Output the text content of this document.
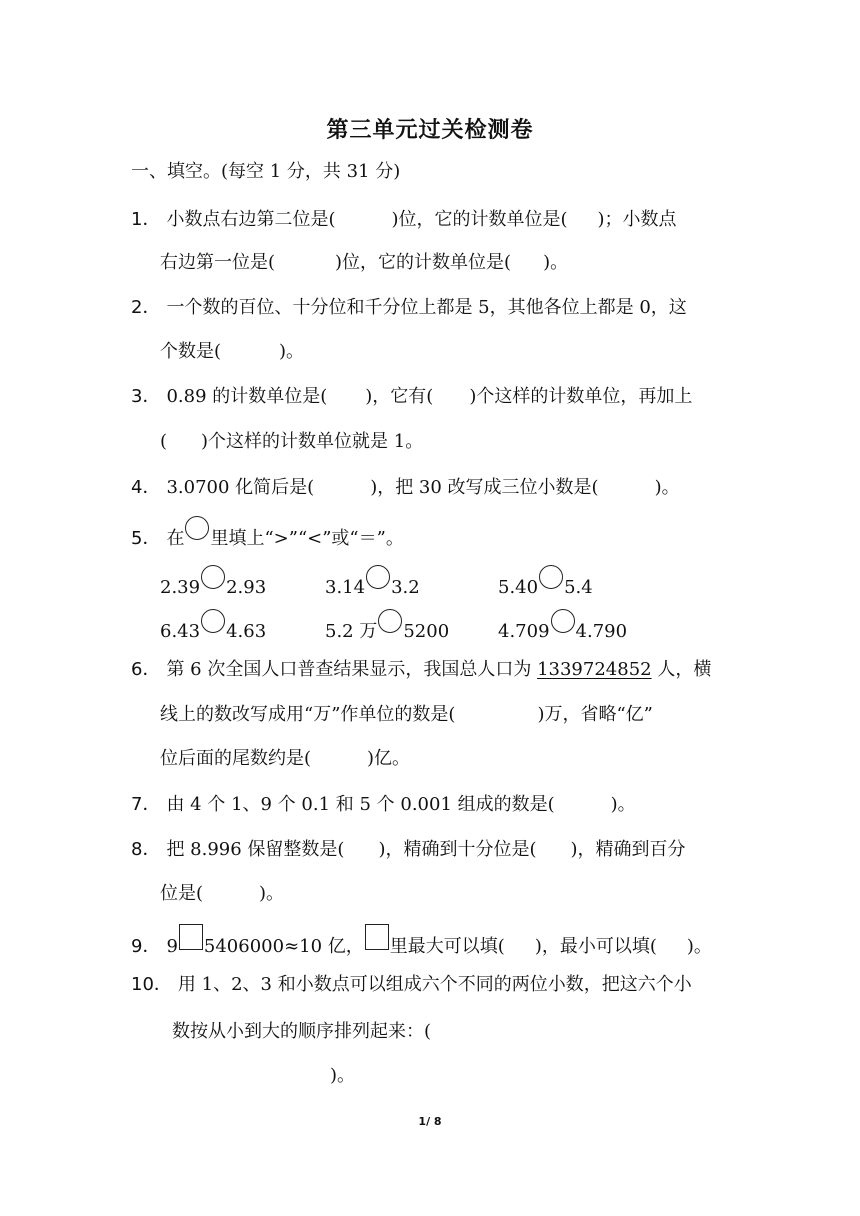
第三单元过关检测卷
一、填空。(每空 1 分，共 31 分)
1． 小数点右边第二位是(	)位，它的计数单位是( )；小数点
右边第一位是(	)位，它的计数单位是( )。
2． 一个数的百位、十分位和千分位上都是 5，其他各位上都是 0，这
个数是(	)。
3． 0.89 的计数单位是( )，它有( )个这样的计数单位，再加上
( )个这样的计数单位就是 1。
4． 3.0700 化简后是(	)，把 30 改写成三位小数是(	)。
5． 在 里填上“>”“<”或“＝”。
2.39 2.93	3.14 3.2	5.40 5.4
6.43 4.63	5.2 万 5200	4.709 4.790
6． 第 6 次全国人口普查结果显示，我国总人口为 1339724852 人，横
线上的数改写成用“万”作单位的数是(	)万，省略“亿”
位后面的尾数约是(	)亿。
7． 由 4 个 1、9 个 0.1 和 5 个 0.001 组成的数是(	)。
8． 把 8.996 保留整数是( )，精确到十分位是( )，精确到百分
位是(	)。
9． 9 5406000≈10 亿， 里最大可以填( )，最小可以填( )。
10． 用 1、2、3 和小数点可以组成六个不同的两位小数，把这六个小
数按从小到大的顺序排列起来：(
)。
1/ 8
